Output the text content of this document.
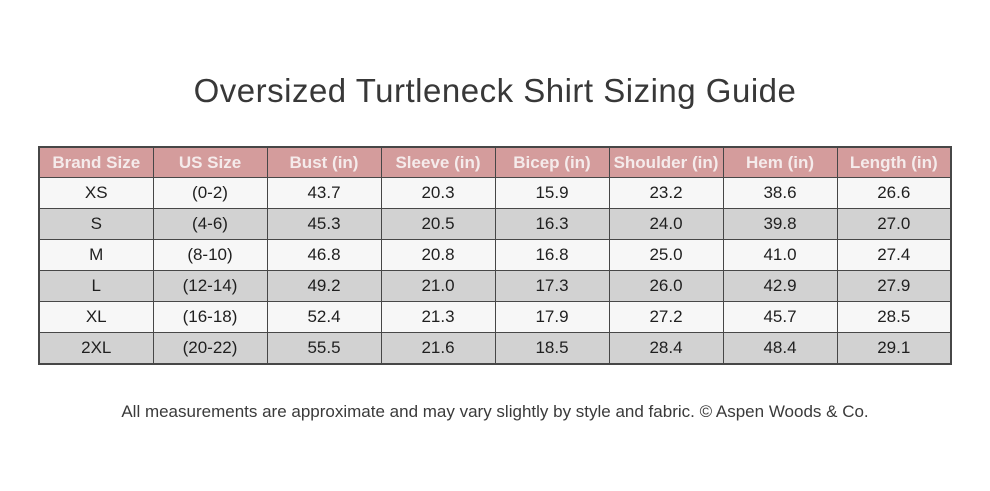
Oversized Turtleneck Shirt Sizing Guide
Brand Size	US Size	Bust (in)	Sleeve (in)	Bicep (in)	Shoulder (in)	Hem (in)	Length (in)
XS	(0-2)	43.7	20.3	15.9	23.2	38.6	26.6
S	(4-6)	45.3	20.5	16.3	24.0	39.8	27.0
M	(8-10)	46.8	20.8	16.8	25.0	41.0	27.4
L	(12-14)	49.2	21.0	17.3	26.0	42.9	27.9
XL	(16-18)	52.4	21.3	17.9	27.2	45.7	28.5
2XL	(20-22)	55.5	21.6	18.5	28.4	48.4	29.1

All measurements are approximate and may vary slightly by style and fabric. © Aspen Woods & Co.
